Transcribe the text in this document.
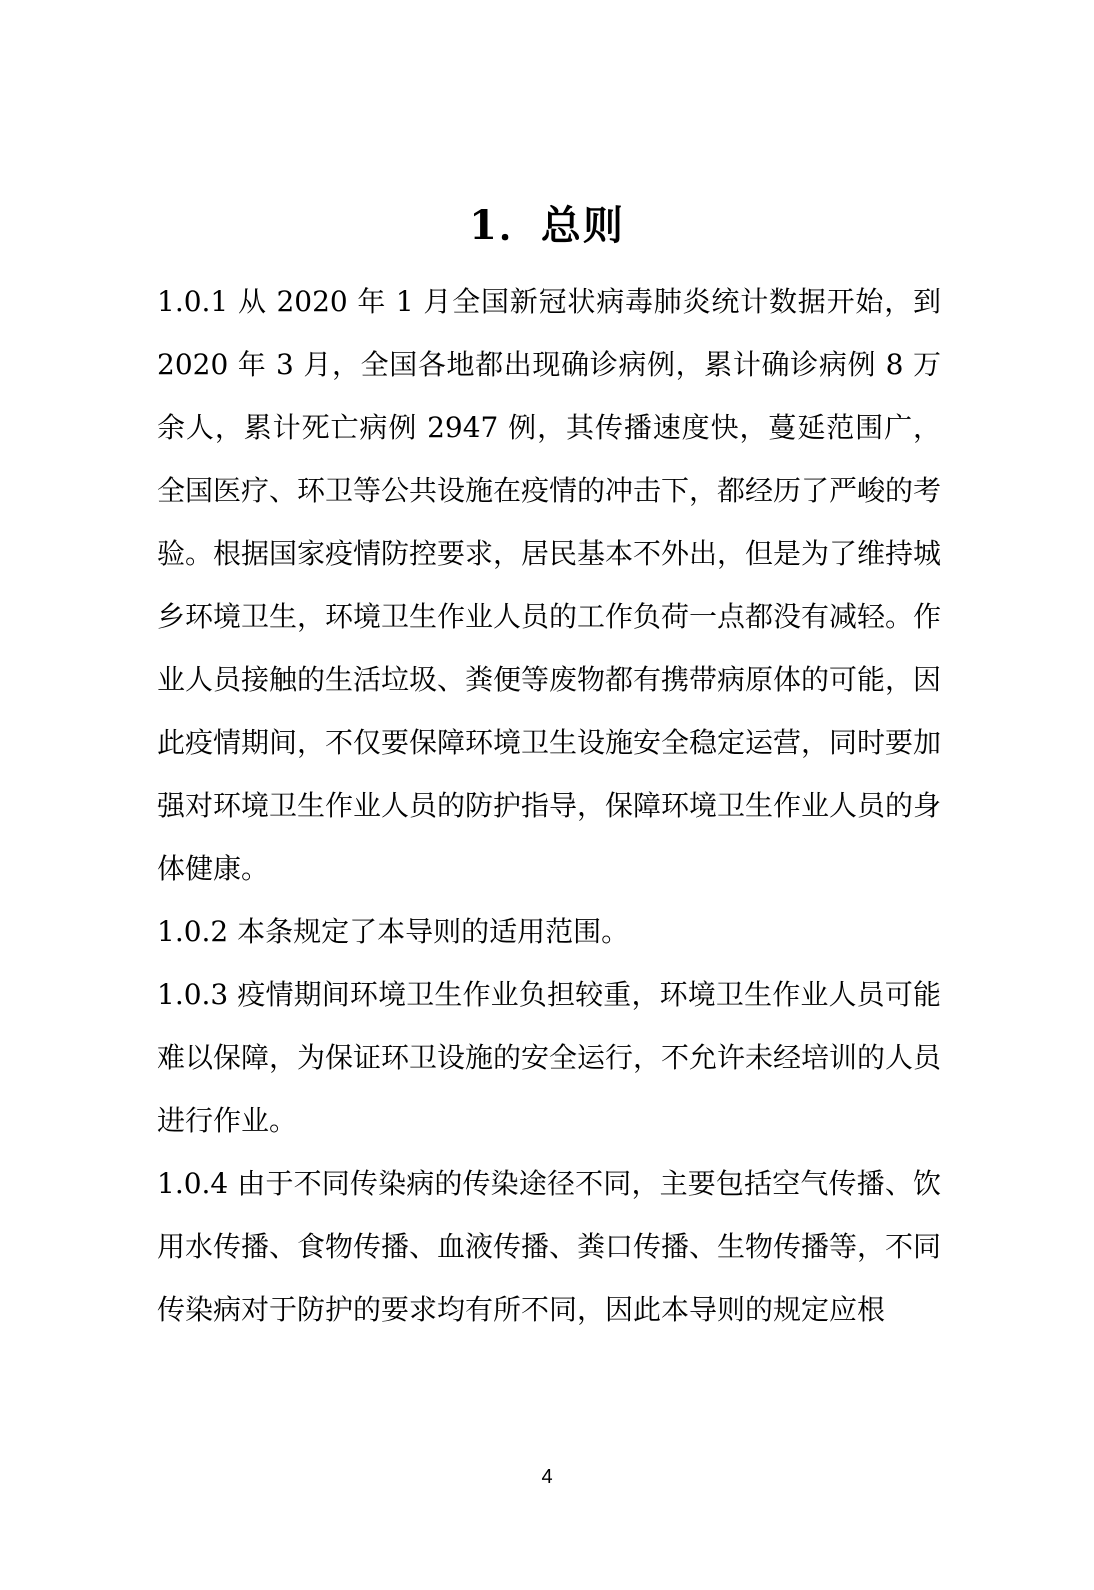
1．总则

1.0.1 从 2020 年 1 月全国新冠状病毒肺炎统计数据开始，到 2020 年 3 月，全国各地都出现确诊病例，累计确诊病例 8 万余人，累计死亡病例 2947 例，其传播速度快，蔓延范围广，全国医疗、环卫等公共设施在疫情的冲击下，都经历了严峻的考验。根据国家疫情防控要求，居民基本不外出，但是为了维持城乡环境卫生，环境卫生作业人员的工作负荷一点都没有减轻。作业人员接触的生活垃圾、粪便等废物都有携带病原体的可能，因此疫情期间，不仅要保障环境卫生设施安全稳定运营，同时要加强对环境卫生作业人员的防护指导，保障环境卫生作业人员的身体健康。

1.0.2 本条规定了本导则的适用范围。

1.0.3 疫情期间环境卫生作业负担较重，环境卫生作业人员可能难以保障，为保证环卫设施的安全运行，不允许未经培训的人员进行作业。

1.0.4 由于不同传染病的传染途径不同，主要包括空气传播、饮用水传播、食物传播、血液传播、粪口传播、生物传播等，不同传染病对于防护的要求均有所不同，因此本导则的规定应根

4
